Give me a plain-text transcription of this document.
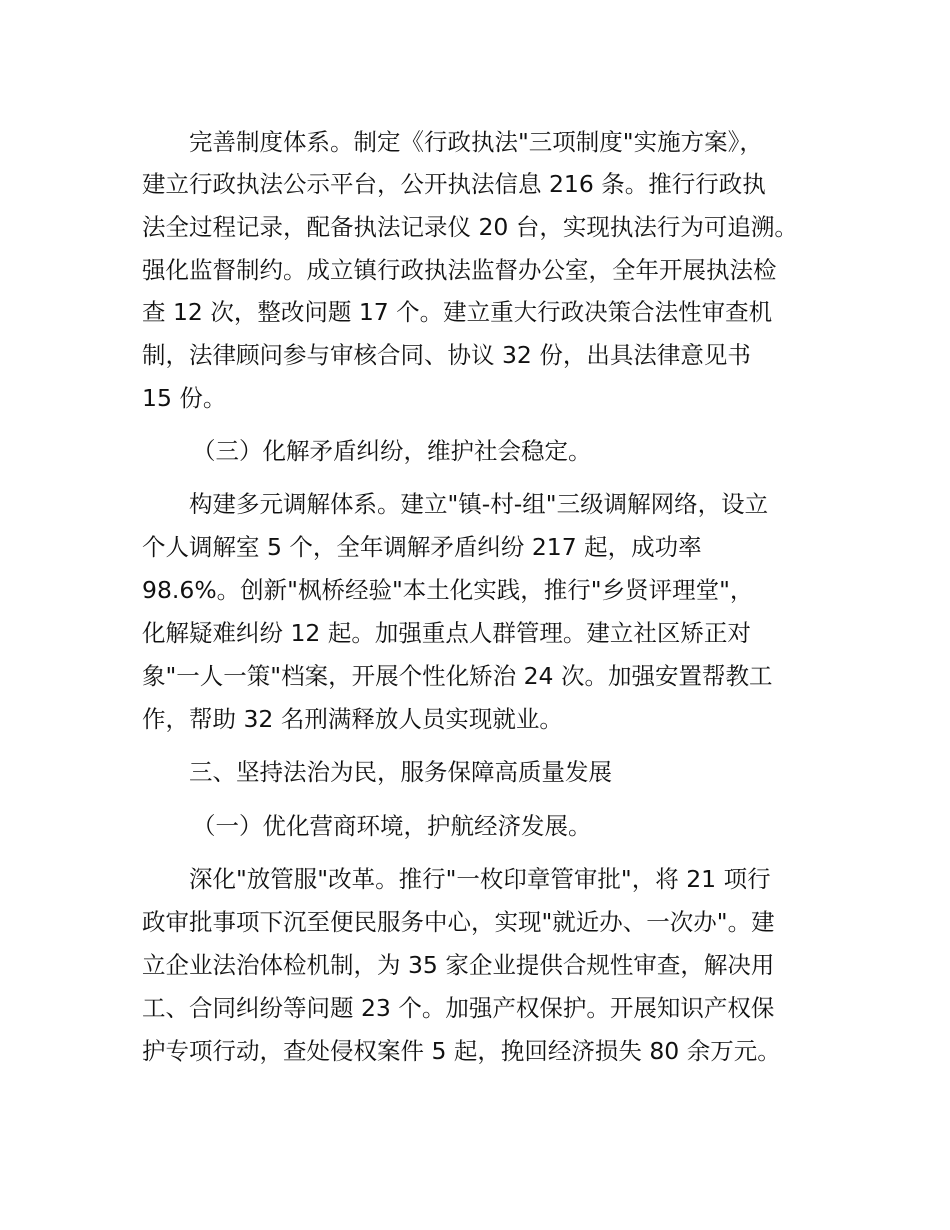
完善制度体系。制定《行政执法"三项制度"实施方案》，
建立行政执法公示平台，公开执法信息 216 条。推行行政执
法全过程记录，配备执法记录仪 20 台，实现执法行为可追溯。
强化监督制约。成立镇行政执法监督办公室，全年开展执法检
查 12 次，整改问题 17 个。建立重大行政决策合法性审查机
制，法律顾问参与审核合同、协议 32 份，出具法律意见书
15 份。
（三）化解矛盾纠纷，维护社会稳定。
构建多元调解体系。建立"镇-村-组"三级调解网络，设立
个人调解室 5 个，全年调解矛盾纠纷 217 起，成功率
98.6%。创新"枫桥经验"本土化实践，推行"乡贤评理堂"，
化解疑难纠纷 12 起。加强重点人群管理。建立社区矫正对
象"一人一策"档案，开展个性化矫治 24 次。加强安置帮教工
作，帮助 32 名刑满释放人员实现就业。
三、坚持法治为民，服务保障高质量发展
（一）优化营商环境，护航经济发展。
深化"放管服"改革。推行"一枚印章管审批"，将 21 项行
政审批事项下沉至便民服务中心，实现"就近办、一次办"。建
立企业法治体检机制，为 35 家企业提供合规性审查，解决用
工、合同纠纷等问题 23 个。加强产权保护。开展知识产权保
护专项行动，查处侵权案件 5 起，挽回经济损失 80 余万元。
